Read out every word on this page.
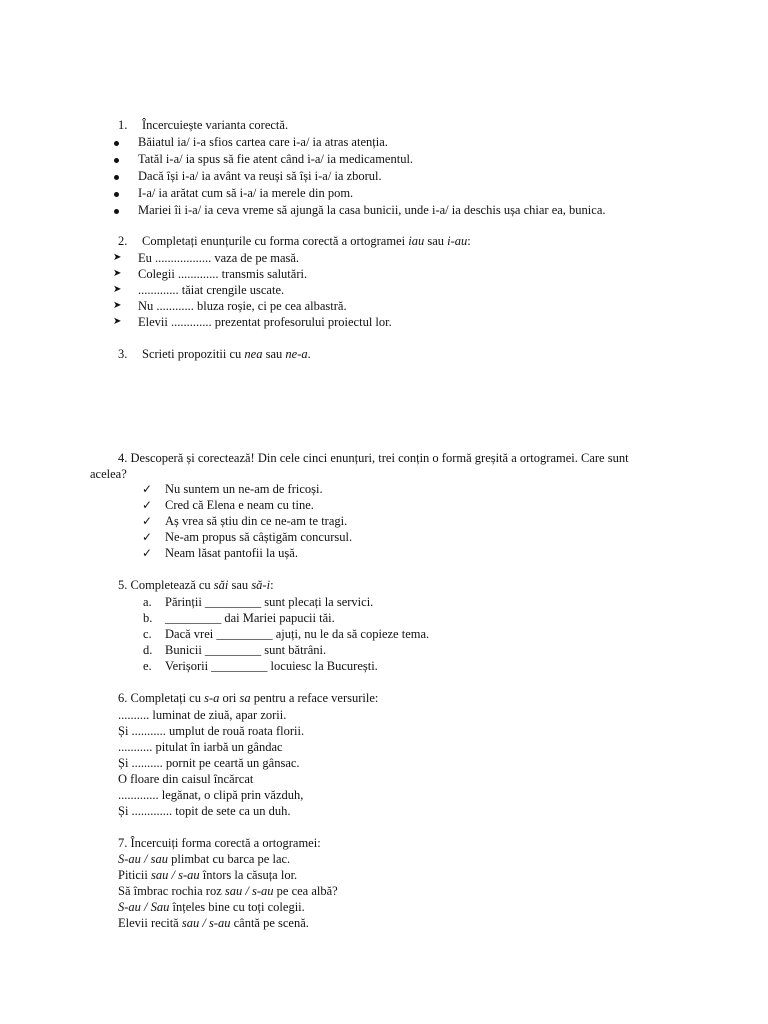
1. Încercuiește varianta corectă.
Băiatul ia/ i-a sfios cartea care i-a/ ia atras atenția.
Tatăl i-a/ ia spus să fie atent când i-a/ ia medicamentul.
Dacă își i-a/ ia avânt va reuși să își i-a/ ia zborul.
I-a/ ia arătat cum să i-a/ ia merele din pom.
Mariei îi i-a/ ia ceva vreme să ajungă la casa bunicii, unde i-a/ ia deschis ușa chiar ea, bunica.
2. Completați enunțurile cu forma corectă a ortogramei iau sau i-au:
➤ Eu .................. vaza de pe masă.
➤ Colegii ............. transmis salutări.
➤ ............. tăiat crengile uscate.
➤ Nu ............ bluza roșie, ci pe cea albastră.
➤ Elevii ............. prezentat profesorului proiectul lor.
3. Scrieti propozitii cu nea sau ne-a.
4. Descoperă și corectează! Din cele cinci enunțuri, trei conțin o formă greșită a ortogramei. Care sunt
acelea?
✓ Nu suntem un ne-am de fricoși.
✓ Cred că Elena e neam cu tine.
✓ Aș vrea să știu din ce ne-am te tragi.
✓ Ne-am propus să câștigăm concursul.
✓ Neam lăsat pantofii la ușă.
5. Completează cu săi sau să-i:
a. Părinții _________ sunt plecați la servici.
b. _________ dai Mariei papucii tăi.
c. Dacă vrei _________ ajuți, nu le da să copieze tema.
d. Bunicii _________ sunt bătrâni.
e. Verișorii _________ locuiesc la București.
6. Completați cu s-a ori sa pentru a reface versurile:
.......... luminat de ziuă, apar zorii.
Și ........... umplut de rouă roata florii.
........... pitulat în iarbă un gândac
Și .......... pornit pe ceartă un gânsac.
O floare din caisul încărcat
............. legănat, o clipă prin văzduh,
Și ............. topit de sete ca un duh.
7. Încercuiți forma corectă a ortogramei:
S-au / sau plimbat cu barca pe lac.
Piticii sau / s-au întors la căsuța lor.
Să îmbrac rochia roz sau / s-au pe cea albă?
S-au / Sau înțeles bine cu toți colegii.
Elevii recită sau / s-au cântă pe scenă.
